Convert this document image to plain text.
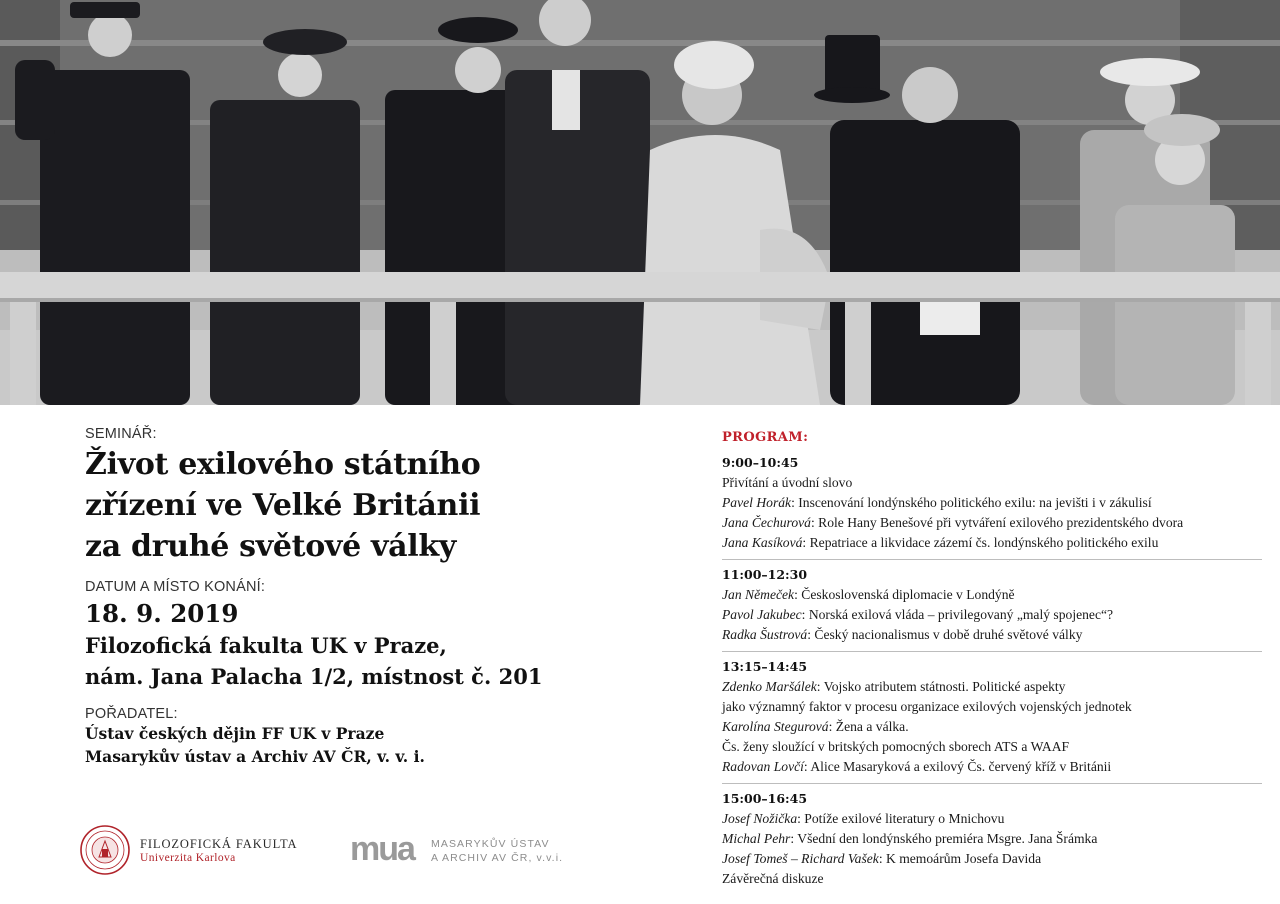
SEMINÁŘ:
Život exilového státního
zřízení ve Velké Británii
za druhé světové války
DATUM A MÍSTO KONÁNÍ:
18. 9. 2019
Filozofická fakulta UK v Praze,
nám. Jana Palacha 1/2, místnost č. 201
POŘADATEL:
Ústav českých dějin FF UK v Praze
Masarykův ústav a Archiv AV ČR, v. v. i.
FILOZOFICKÁ FAKULTA
Univerzita Karlova	mua MASARYKŮV ÚSTAV
A ARCHIV AV ČR, v.v.i.
PROGRAM:
9:00–10:45
Přivítání a úvodní slovo
Pavel Horák: Inscenování londýnského politického exilu: na jevišti i v zákulisí
Jana Čechurová: Role Hany Benešové při vytváření exilového prezidentského dvora
Jana Kasíková: Repatriace a likvidace zázemí čs. londýnského politického exilu
11:00–12:30
Jan Němeček: Československá diplomacie v Londýně
Pavol Jakubec: Norská exilová vláda – privilegovaný „malý spojenec“?
Radka Šustrová: Český nacionalismus v době druhé světové války
13:15–14:45
Zdenko Maršálek: Vojsko atributem státnosti. Politické aspekty
jako významný faktor v procesu organizace exilových vojenských jednotek
Karolína Stegurová: Žena a válka.
Čs. ženy sloužící v britských pomocných sborech ATS a WAAF
Radovan Lovčí: Alice Masaryková a exilový Čs. červený kříž v Británii
15:00–16:45
Josef Nožička: Potíže exilové literatury o Mnichovu
Michal Pehr: Všední den londýnského premiéra Msgre. Jana Šrámka
Josef Tomeš – Richard Vašek: K memoárům Josefa Davida
Závěrečná diskuze
